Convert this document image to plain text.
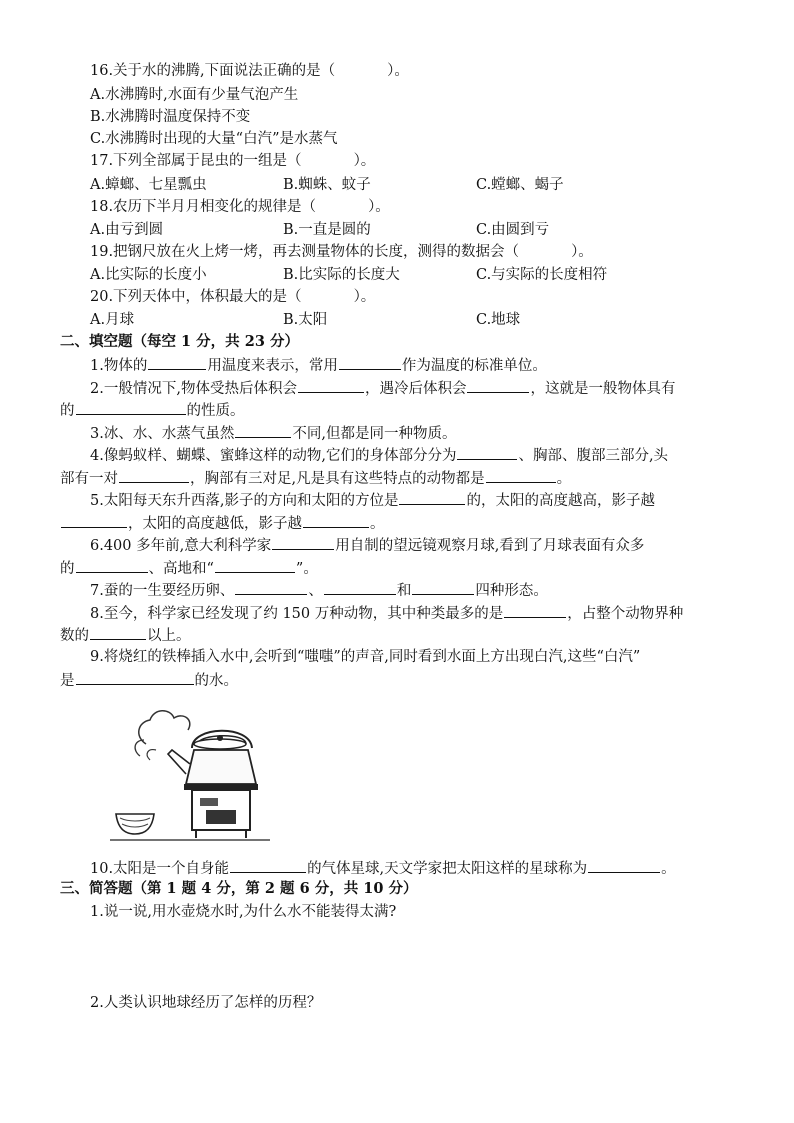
16.关于水的沸腾,下面说法正确的是（	）。
A.水沸腾时,水面有少量气泡产生
B.水沸腾时温度保持不变
C.水沸腾时出现的大量“白汽”是水蒸气
17.下列全部属于昆虫的一组是（	）。
A.蟑螂、七星瓢虫	B.蜘蛛、蚊子	C.螳螂、蝎子
18.农历下半月月相变化的规律是（	）。
A.由亏到圆	B.一直是圆的	C.由圆到亏
19.把钢尺放在火上烤一烤，再去测量物体的长度，测得的数据会（	）。
A.比实际的长度小	B.比实际的长度大	C.与实际的长度相符
20.下列天体中，体积最大的是（	）。
A.月球	B.太阳	C.地球
二、填空题（每空 1 分，共 23 分）
1.物体的	用温度来表示，常用	作为温度的标准单位。
2.一般情况下,物体受热后体积会	，遇冷后体积会	，这就是一般物体具有
的	的性质。
3.冰、水、水蒸气虽然	不同,但都是同一种物质。
4.像蚂蚁样、蝴蝶、蜜蜂这样的动物,它们的身体部分分为	、胸部、腹部三部分,头
部有一对	，胸部有三对足,凡是具有这些特点的动物都是	。
5.太阳每天东升西落,影子的方向和太阳的方位是	的，太阳的高度越高，影子越
，太阳的高度越低，影子越	。
6.400 多年前,意大利科学家	用自制的望远镜观察月球,看到了月球表面有众多
的	、高地和“	”。
7.蚕的一生要经历卵、	、	和	四种形态。
8.至今，科学家已经发现了约 150 万种动物，其中种类最多的是	，占整个动物界种
数的	以上。
9.将烧红的铁棒插入水中,会听到“嗤嗤”的声音,同时看到水面上方出现白汽,这些“白汽”
是	的水。
10.太阳是一个自身能	的气体星球,天文学家把太阳这样的星球称为	。
三、简答题（第 1 题 4 分，第 2 题 6 分，共 10 分）
1.说一说,用水壶烧水时,为什么水不能装得太满?
2.人类认识地球经历了怎样的历程？
